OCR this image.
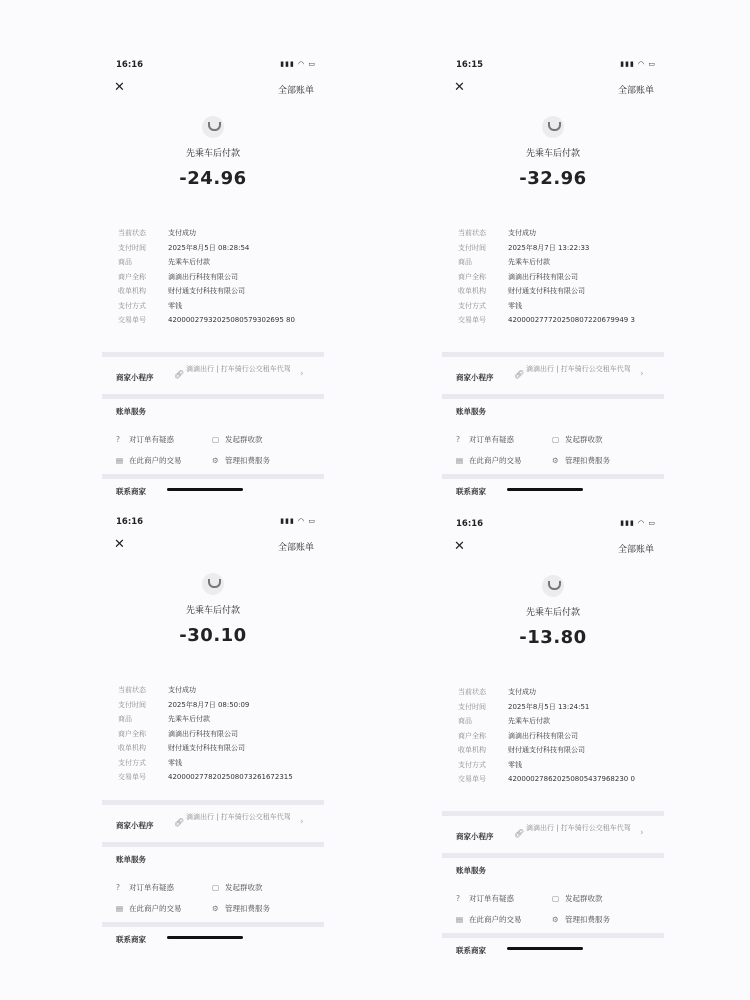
16:16	▮▮▮ ◠ ▭
✕	全部账单
先乘车后付款
-24.96
当前状态	支付成功
支付时间	2025年8月5日 08:28:54
商品	先乘车后付款
商户全称	滴滴出行科技有限公司
收单机构	财付通支付科技有限公司
支付方式	零钱
交易单号	42000027932025080579302695 80
商家小程序	🔗︎
滴滴出行 | 打车骑行公交租车代驾	›
账单服务
? 对订单有疑惑	▢ 发起群收款
▤ 在此商户的交易	⚙ 管理扣费服务
联系商家
16:15	▮▮▮ ◠ ▭
✕	全部账单
先乘车后付款
-32.96
当前状态	支付成功
支付时间	2025年8月7日 13:22:33
商品	先乘车后付款
商户全称	滴滴出行科技有限公司
收单机构	财付通支付科技有限公司
支付方式	零钱
交易单号	420000277720250807220679949 3
商家小程序	🔗︎
滴滴出行 | 打车骑行公交租车代驾	›
账单服务
? 对订单有疑惑	▢ 发起群收款
▤ 在此商户的交易	⚙ 管理扣费服务
联系商家
16:16	▮▮▮ ◠ ▭
✕	全部账单
先乘车后付款
-30.10
当前状态	支付成功
支付时间	2025年8月7日 08:50:09
商品	先乘车后付款
商户全称	滴滴出行科技有限公司
收单机构	财付通支付科技有限公司
支付方式	零钱
交易单号	4200002778202508073261672315
商家小程序	🔗︎
滴滴出行 | 打车骑行公交租车代驾	›
账单服务
? 对订单有疑惑	▢ 发起群收款
▤ 在此商户的交易	⚙ 管理扣费服务
联系商家
16:16	▮▮▮ ◠ ▭
✕	全部账单
先乘车后付款
-13.80
当前状态	支付成功
支付时间	2025年8月5日 13:24:51
商品	先乘车后付款
商户全称	滴滴出行科技有限公司
收单机构	财付通支付科技有限公司
支付方式	零钱
交易单号	420000278620250805437968230 0
商家小程序	🔗︎
滴滴出行 | 打车骑行公交租车代驾	›
账单服务
? 对订单有疑惑	▢ 发起群收款
▤ 在此商户的交易	⚙ 管理扣费服务
联系商家
